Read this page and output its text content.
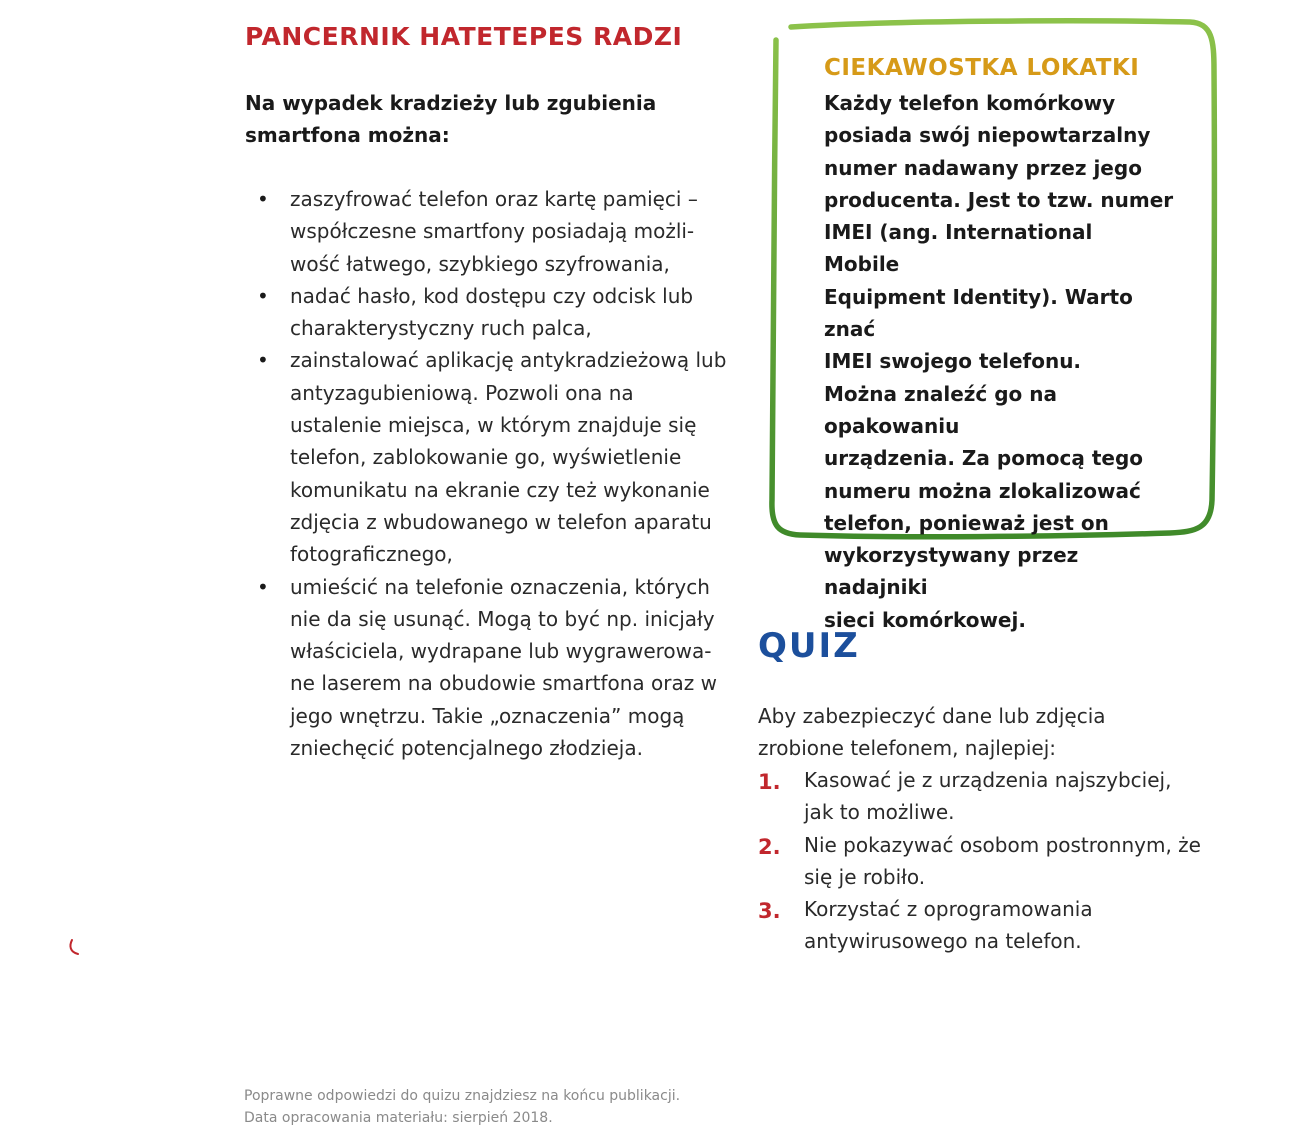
PANCERNIK HATETEPES RADZI

Na wypadek kradzieży lub zgubienia smartfona można:

• zaszyfrować telefon oraz kartę pamięci – współczesne smartfony posiadają możli- wość łatwego, szybkiego szyfrowania,
• nadać hasło, kod dostępu czy odcisk lub charakterystyczny ruch palca,
• zainstalować aplikację antykradzieżową lub antyzagubieniową. Pozwoli ona na ustalenie miejsca, w którym znajduje się telefon, zablokowanie go, wyświetlenie komunikatu na ekranie czy też wykonanie zdjęcia z wbudowanego w telefon aparatu fotograficznego,
• umieścić na telefonie oznaczenia, których nie da się usunąć. Mogą to być np. inicjały właściciela, wydrapane lub wygrawerowa- ne laserem na obudowie smartfona oraz w jego wnętrzu. Takie „oznaczenia” mogą zniechęcić potencjalnego złodzieja.
CIEKAWOSTKA LOKATKI

Każdy telefon komórkowy
posiada swój niepowtarzalny
numer nadawany przez jego
producenta. Jest to tzw. numer
IMEI (ang. International Mobile
Equipment Identity). Warto znać
IMEI swojego telefonu.
Można znaleźć go na opakowaniu
urządzenia. Za pomocą tego
numeru można zlokalizować
telefon, ponieważ jest on
wykorzystywany przez nadajniki
sieci komórkowej.

QUIZ

Aby zabezpieczyć dane lub zdjęcia zrobione telefonem, najlepiej:

1. Kasować je z urządzenia najszybciej, jak to możliwe.
2. Nie pokazywać osobom postronnym, że się je robiło.
3. Korzystać z oprogramowania antywirusowego na telefon.

Poprawne odpowiedzi do quizu znajdziesz na końcu publikacji.
Data opracowania materiału: sierpień 2018.
